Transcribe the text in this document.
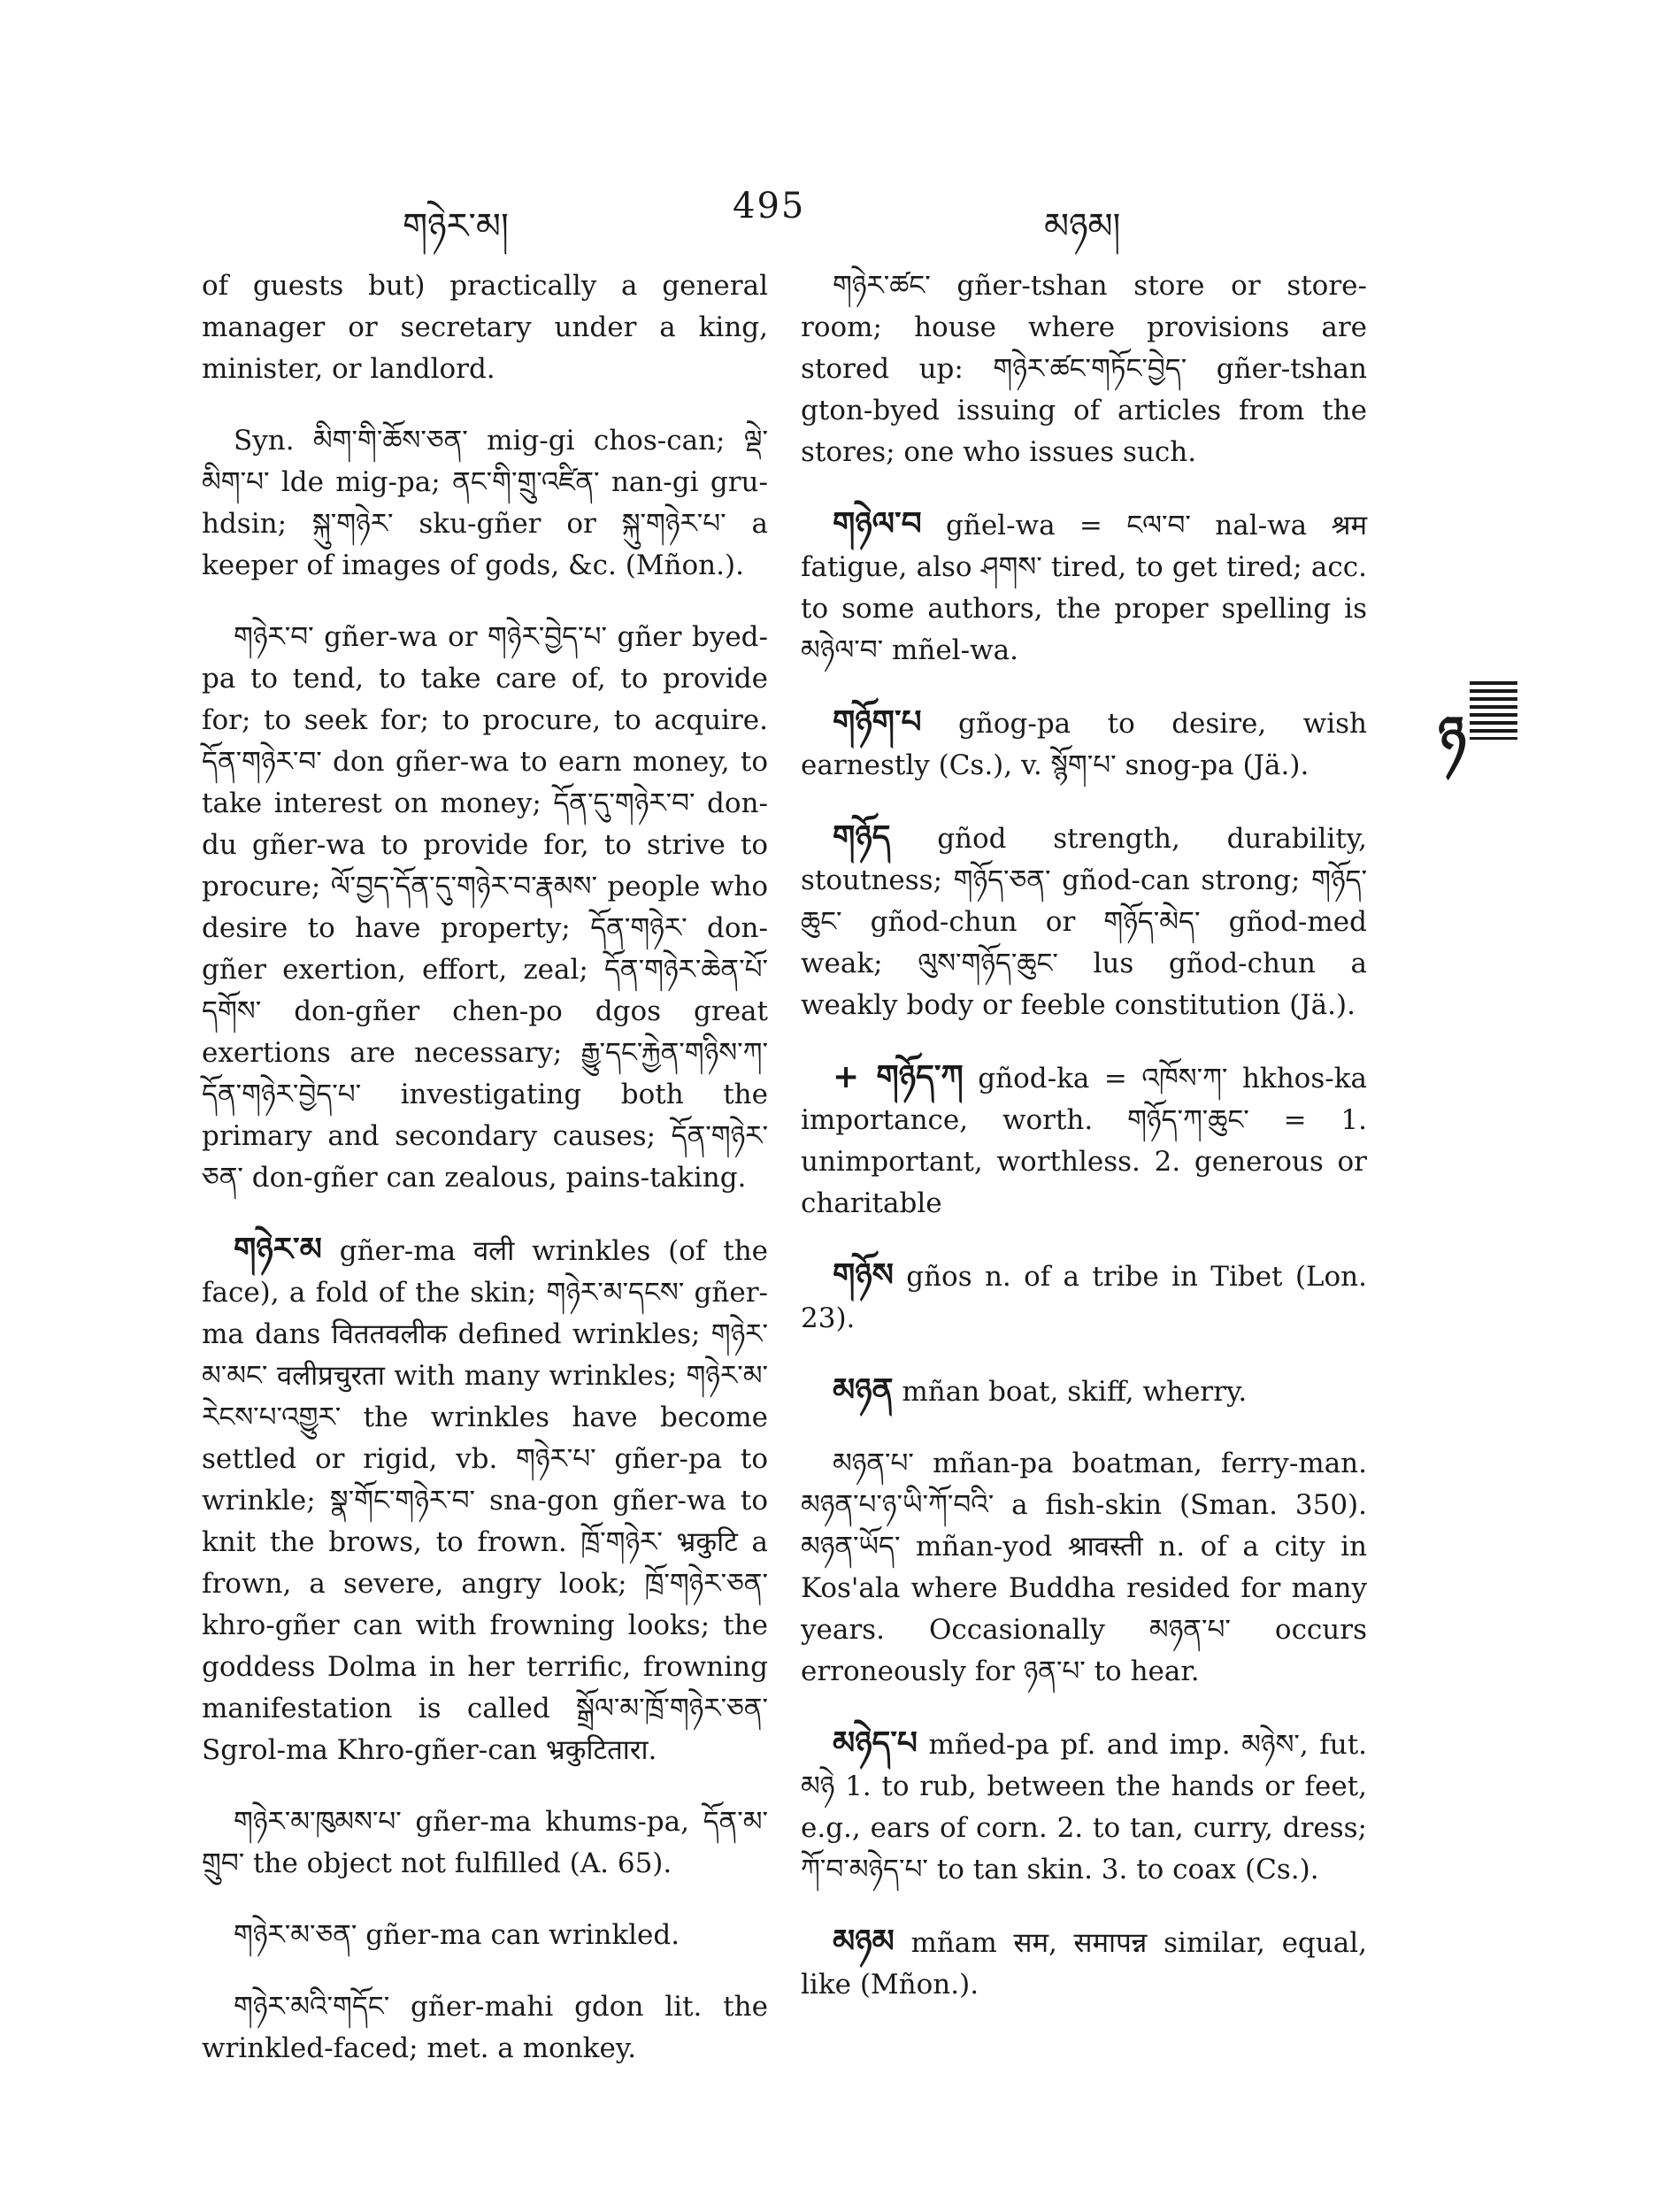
གཉེར་མ།	495	མཉམ།
ཉ

of guests but) practically a general manager or secretary under a king, minister, or landlord.

Syn. མིག་གི་ཆོས་ཅན་ mig-gi chos-can; ལྡེ་མིག་པ་ lde mig-pa; ནང་གི་གྲུ་འཛིན་ nan-gi gru-hdsin; སྐུ་གཉེར་ sku-gñer or སྐུ་གཉེར་པ་ a keeper of images of gods, &c. (Mñon.).

གཉེར་བ་ gñer-wa or གཉེར་བྱེད་པ་ gñer byed-pa to tend, to take care of, to provide for; to seek for; to procure, to acquire. དོན་གཉེར་བ་ don gñer-wa to earn money, to take interest on money; དོན་དུ་གཉེར་བ་ don-du gñer-wa to provide for, to strive to procure; ལོ་བྱད་དོན་དུ་གཉེར་བ་རྣམས་ people who desire to have property; དོན་གཉེར་ don-gñer exertion, effort, zeal; དོན་གཉེར་ཆེན་པོ་དགོས་ don-gñer chen-po dgos great exertions are necessary; རྒྱུ་དང་རྐྱེན་གཉིས་ཀ་དོན་གཉེར་བྱེད་པ་ investigating both the primary and secondary causes; དོན་གཉེར་ཅན་ don-gñer can zealous, pains-taking.

གཉེར་མ gñer-ma वली wrinkles (of the face), a fold of the skin; གཉེར་མ་དངས་ gñer-ma dans विततवलीक defined wrinkles; གཉེར་མ་མང་ वलीप्रचुरता with many wrinkles; གཉེར་མ་རེངས་པ་འགྱུར་ the wrinkles have become settled or rigid, vb. གཉེར་པ་ gñer-pa to wrinkle; སྣ་གོང་གཉེར་བ་ sna-gon gñer-wa to knit the brows, to frown. ཁྲོ་གཉེར་ भ्रकुटि a frown, a severe, angry look; ཁྲོ་གཉེར་ཅན་ khro-gñer can with frowning looks; the goddess Dolma in her terrific, frowning manifestation is called སྒྲོལ་མ་ཁྲོ་གཉེར་ཅན་ Sgrol-ma Khro-gñer-can भ्रकुटितारा.

གཉེར་མ་ཁུམས་པ་ gñer-ma khums-pa, དོན་མ་གྲུབ་ the object not fulfilled (A. 65).

གཉེར་མ་ཅན་ gñer-ma can wrinkled.

གཉེར་མའི་གདོང་ gñer-mahi gdon lit. the wrinkled-faced; met. a monkey.

གཉེར་ཚང་ gñer-tshan store or store-room; house where provisions are stored up: གཉེར་ཚང་གཏོང་བྱེད་ gñer-tshan gton-byed issuing of articles from the stores; one who issues such.

གཉེལ་བ gñel-wa = ངལ་བ་ nal-wa श्रम fatigue, also ཤགས་ tired, to get tired; acc. to some authors, the proper spelling is མཉེལ་བ་ mñel-wa.

གཉོག་པ gñog-pa to desire, wish earnestly (Cs.), v. སྙོག་པ་ snog-pa (Jä.).

གཉོད gñod strength, durability, stoutness; གཉོད་ཅན་ gñod-can strong; གཉོད་ཆུང་ gñod-chun or གཉོད་མེད་ gñod-med weak; ལུས་གཉོད་ཆུང་ lus gñod-chun a weakly body or feeble constitution (Jä.).

+ གཉོད་ཀ gñod-ka = འཁོས་ཀ་ hkhos-ka importance, worth. གཉོད་ཀ་ཆུང་ = 1. unimportant, worthless. 2. generous or charitable

གཉོས gños n. of a tribe in Tibet (Lon. 23).

མཉན mñan boat, skiff, wherry.

མཉན་པ་ mñan-pa boatman, ferry-man. མཉན་པ་ཉ་ཡི་ཀོ་བའི་ a fish-skin (Sman. 350). མཉན་ཡོད་ mñan-yod श्रावस्ती n. of a city in Kos'ala where Buddha resided for many years. Occasionally མཉན་པ་ occurs erroneously for ཉན་པ་ to hear.

མཉེད་པ mñed-pa pf. and imp. མཉེས་, fut. མཉེ 1. to rub, between the hands or feet, e.g., ears of corn. 2. to tan, curry, dress; ཀོ་བ་མཉེད་པ་ to tan skin. 3. to coax (Cs.).

མཉམ mñam सम, समापन्न similar, equal, like (Mñon.).
